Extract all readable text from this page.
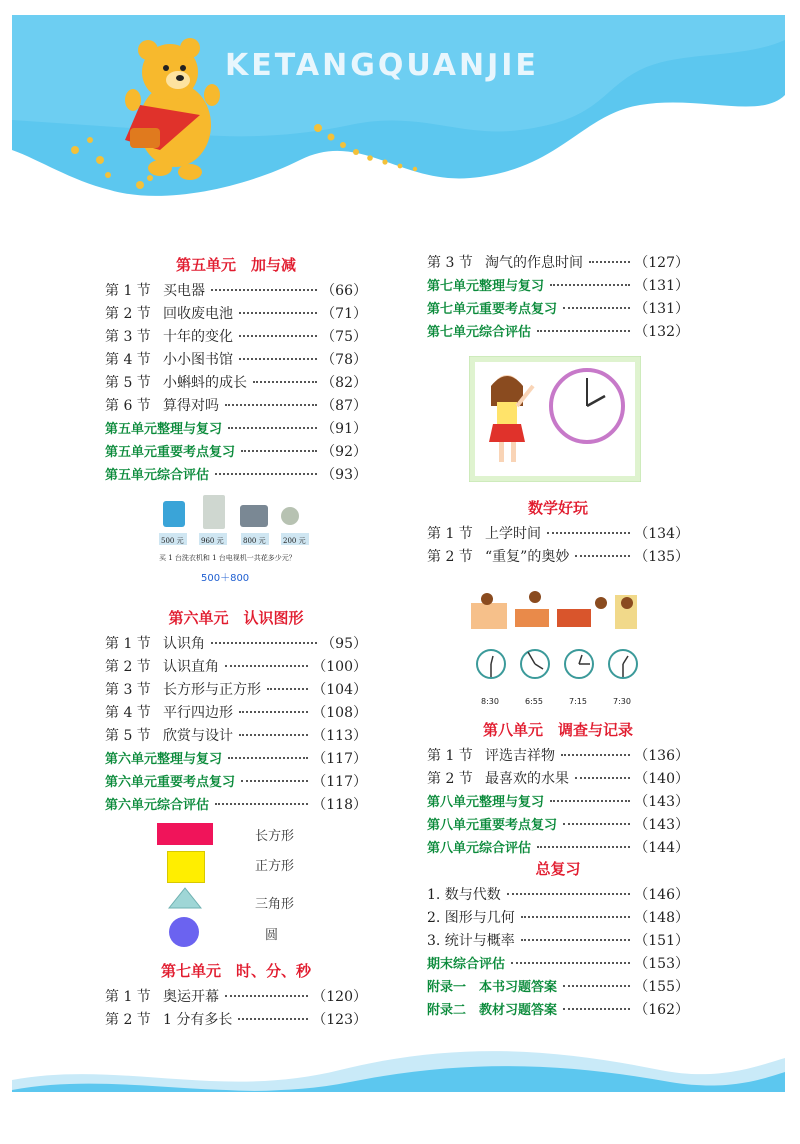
KETANGQUANJIE
第五单元　加与减
第 1 节 买电器	（66）
第 2 节 回收废电池	（71）
第 3 节 十年的变化	（75）
第 4 节 小小图书馆	（78）
第 5 节 小蝌蚪的成长	（82）
第 6 节 算得对吗	（87）
第五单元整理与复习	（91）
第五单元重要考点复习	（92）
第五单元综合评估	（93）
500 元 960 元	800 元 200 元
买 1 台洗衣机和 1 台电视机一共花多少元？
500＋800
第六单元　认识图形
第 1 节 认识角	（95）
第 2 节 认识直角	（100）
第 3 节 长方形与正方形	（104）
第 4 节 平行四边形	（108）
第 5 节 欣赏与设计	（113）
第六单元整理与复习	（117）
第六单元重要考点复习	（117）
第六单元综合评估	（118）
长方形
正方形
三角形
圆
第七单元　时、分、秒
第 1 节 奥运开幕	（120）
第 2 节 1 分有多长	（123）
第 3 节 淘气的作息时间	（127）
第七单元整理与复习	（131）
第七单元重要考点复习	（131）
第七单元综合评估	（132）
数学好玩
第 1 节 上学时间	（134）
第 2 节 “重复”的奥妙	（135）
8:30	6:55	7:15	7:30
第八单元　调查与记录
第 1 节 评选吉祥物	（136）
第 2 节 最喜欢的水果	（140）
第八单元整理与复习	（143）
第八单元重要考点复习	（143）
第八单元综合评估	（144）
总复习
1. 数与代数	（146）
2. 图形与几何	（148）
3. 统计与概率	（151）
期末综合评估	（153）
附录一　本书习题答案	（155）
附录二　教材习题答案	（162）
